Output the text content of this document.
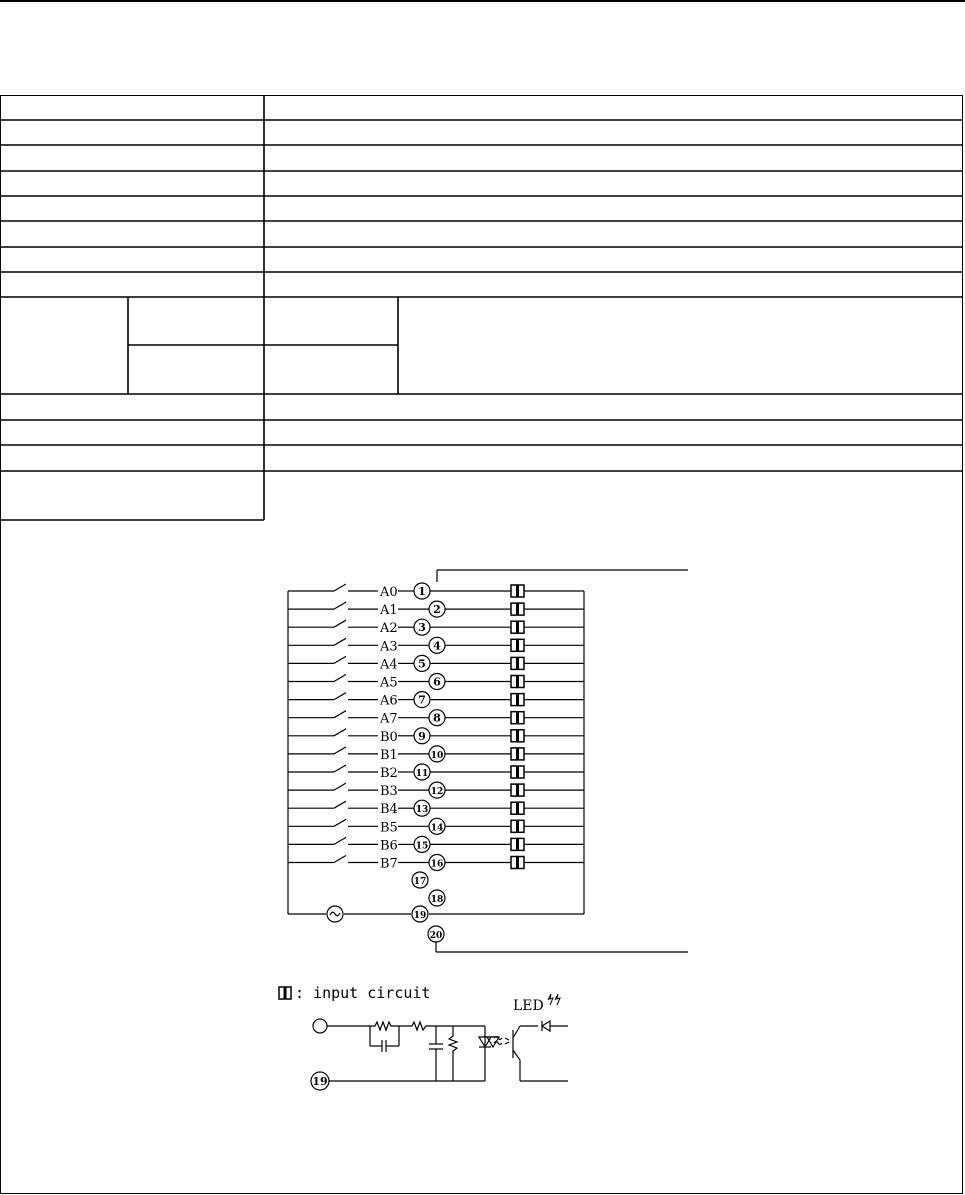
A0 1
A1	2
A2 3
A3	4
A4 5
A5	6
A6 7
A7	8
B0 9
B1	10
B2 11
B3	12
B4 13
B5	14
B6 15
B7	16
17
18
19
20
: input circuit
LED
19
